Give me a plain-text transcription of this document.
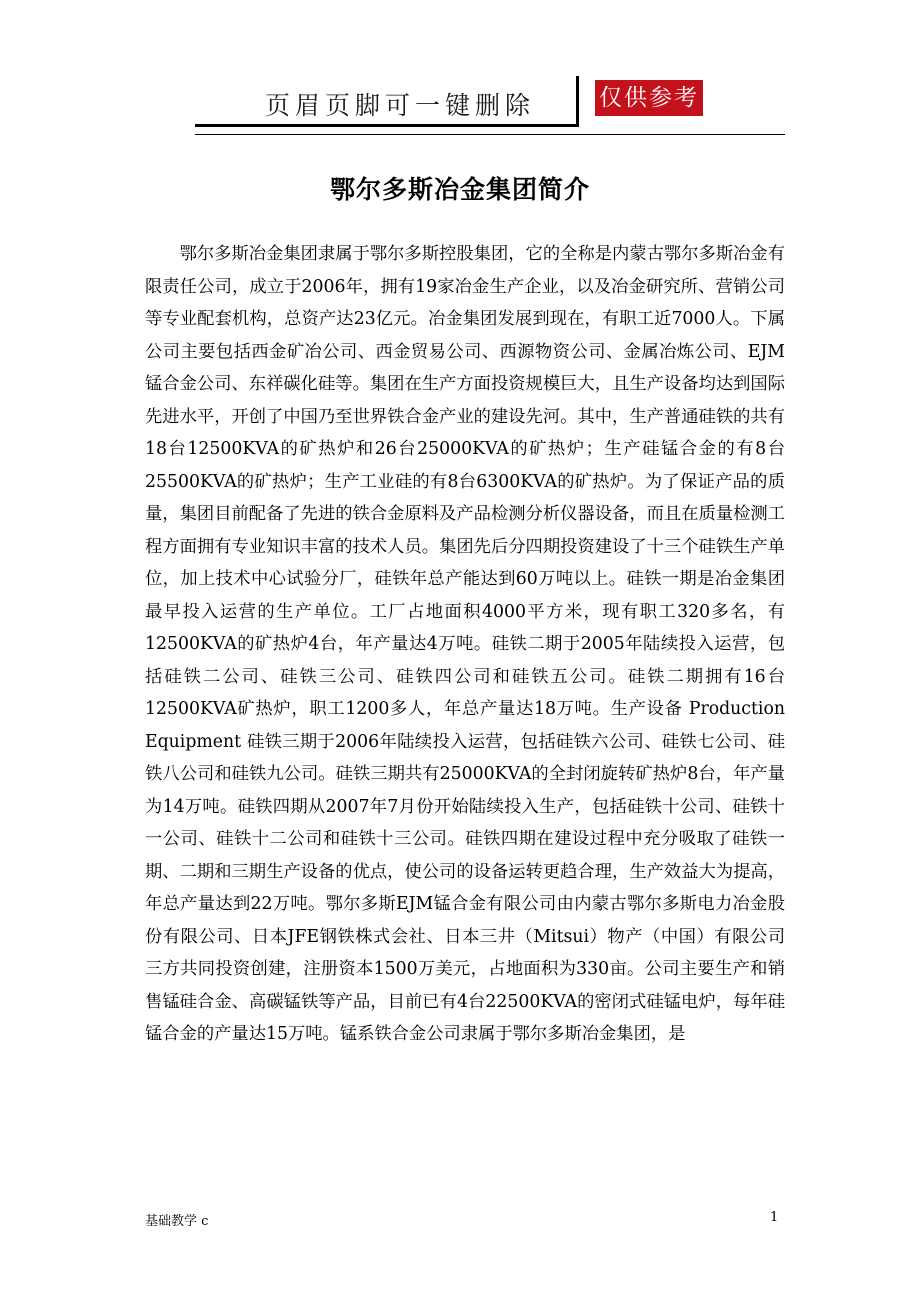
页眉页脚可一键删除	仅供参考
鄂尔多斯冶金集团简介

鄂尔多斯冶金集团隶属于鄂尔多斯控股集团，它的全称是内蒙古鄂尔多斯冶金有限责任公司，成立于2006年，拥有19家冶金生产企业，以及冶金研究所、营销公司等专业配套机构，总资产达23亿元。冶金集团发展到现在，有职工近7000人。下属公司主要包括西金矿冶公司、西金贸易公司、西源物资公司、金属冶炼公司、EJM锰合金公司、东祥碳化硅等。集团在生产方面投资规模巨大，且生产设备均达到国际先进水平，开创了中国乃至世界铁合金产业的建设先河。其中，生产普通硅铁的共有18台12500KVA的矿热炉和26台25000KVA的矿热炉；生产硅锰合金的有8台25500KVA的矿热炉；生产工业硅的有8台6300KVA的矿热炉。为了保证产品的质量，集团目前配备了先进的铁合金原料及产品检测分析仪器设备，而且在质量检测工程方面拥有专业知识丰富的技术人员。集团先后分四期投资建设了十三个硅铁生产单位，加上技术中心试验分厂，硅铁年总产能达到60万吨以上。硅铁一期是冶金集团最早投入运营的生产单位。工厂占地面积4000平方米，现有职工320多名，有12500KVA的矿热炉4台，年产量达4万吨。硅铁二期于2005年陆续投入运营，包括硅铁二公司、硅铁三公司、硅铁四公司和硅铁五公司。硅铁二期拥有16台12500KVA矿热炉，职工1200多人，年总产量达18万吨。生产设备 Production Equipment 硅铁三期于2006年陆续投入运营，包括硅铁六公司、硅铁七公司、硅铁八公司和硅铁九公司。硅铁三期共有25000KVA的全封闭旋转矿热炉8台，年产量为14万吨。硅铁四期从2007年7月份开始陆续投入生产，包括硅铁十公司、硅铁十一公司、硅铁十二公司和硅铁十三公司。硅铁四期在建设过程中充分吸取了硅铁一期、二期和三期生产设备的优点，使公司的设备运转更趋合理，生产效益大为提高，年总产量达到22万吨。鄂尔多斯EJM锰合金有限公司由内蒙古鄂尔多斯电力冶金股份有限公司、日本JFE钢铁株式会社、日本三井（Mitsui）物产（中国）有限公司三方共同投资创建，注册资本1500万美元，占地面积为330亩。公司主要生产和销售锰硅合金、高碳锰铁等产品，目前已有4台22500KVA的密闭式硅锰电炉，每年硅锰合金的产量达15万吨。锰系铁合金公司隶属于鄂尔多斯冶金集团，是

基础教学 c	1
